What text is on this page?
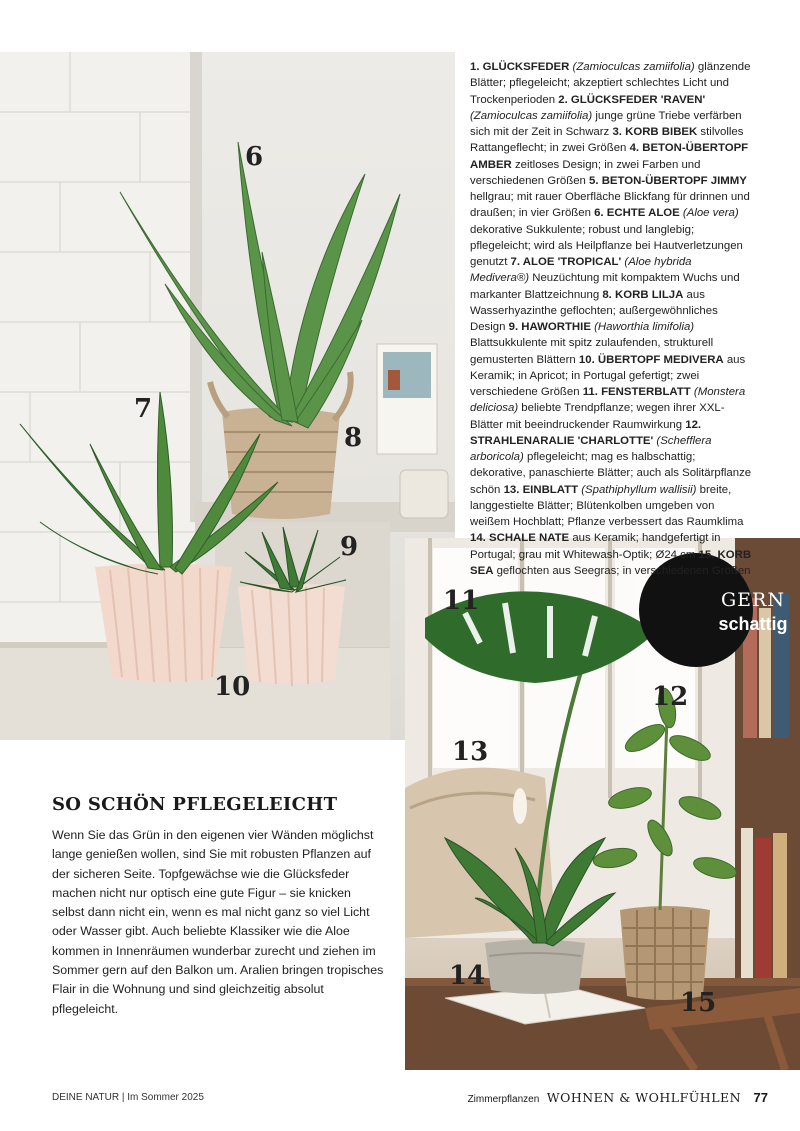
6
7
8
9
10
11
12
13
14
15
GERN
schattig
1. GLÜCKSFEDER (Zamioculcas zamiifolia) glänzende Blätter; pflegeleicht; akzeptiert schlechtes Licht und Trockenperioden 2. GLÜCKSFEDER 'RAVEN' (Zamioculcas zamiifolia) junge grüne Triebe verfärben sich mit der Zeit in Schwarz 3. KORB BIBEK stilvolles Rattangeflecht; in zwei Größen 4. BETON-ÜBERTOPF AMBER zeitloses Design; in zwei Farben und verschiedenen Größen 5. BETON-ÜBERTOPF JIMMY hellgrau; mit rauer Oberfläche Blickfang für drinnen und draußen; in vier Größen 6. ECHTE ALOE (Aloe vera) dekorative Sukkulente; robust und langlebig; pflegeleicht; wird als Heilpflanze bei Hautverletzungen genutzt 7. ALOE 'TROPICAL' (Aloe hybrida Medivera®) Neuzüchtung mit kompaktem Wuchs und markanter Blattzeichnung 8. KORB LILJA aus Wasserhyazinthe geflochten; außergewöhnliches Design 9. HAWORTHIE (Haworthia limifolia) Blattsukkulente mit spitz zulaufenden, strukturell gemusterten Blättern 10. ÜBERTOPF MEDIVERA aus Keramik; in Apricot; in Portugal gefertigt; zwei verschiedene Größen 11. FENSTERBLATT (Monstera deliciosa) beliebte Trendpflanze; wegen ihrer XXL-Blätter mit beeindruckender Raumwirkung 12. STRAHLENARALIE 'CHARLOTTE' (Schefflera arboricola) pflegeleicht; mag es halbschattig; dekorative, panaschierte Blätter; auch als Solitärpflanze schön 13. EINBLATT (Spathiphyllum wallisii) breite, langgestielte Blätter; Blütenkolben umgeben von weißem Hochblatt; Pflanze verbessert das Raumklima 14. SCHALE NATE aus Keramik; handgefertigt in Portugal; grau mit Whitewash-Optik; Ø24 cm 15. KORB SEA geflochten aus Seegras; in verschiedenen Größen
SO SCHÖN PFLEGELEICHT

Wenn Sie das Grün in den eigenen vier Wänden möglichst lange genießen wollen, sind Sie mit robusten Pflanzen auf der sicheren Seite. Topfgewächse wie die Glücksfeder machen nicht nur optisch eine gute Figur – sie knicken selbst dann nicht ein, wenn es mal nicht ganz so viel Licht oder Wasser gibt. Auch beliebte Klassiker wie die Aloe kommen in Innenräumen wunderbar zurecht und ziehen im Sommer gern auf den Balkon um. Aralien bringen tropisches Flair in die Wohnung und sind gleichzeitig absolut pflegeleicht.

DEINE NATUR | Im Sommer 2025	Zimmerpflanzen WOHNEN & WOHLFÜHLEN 77
